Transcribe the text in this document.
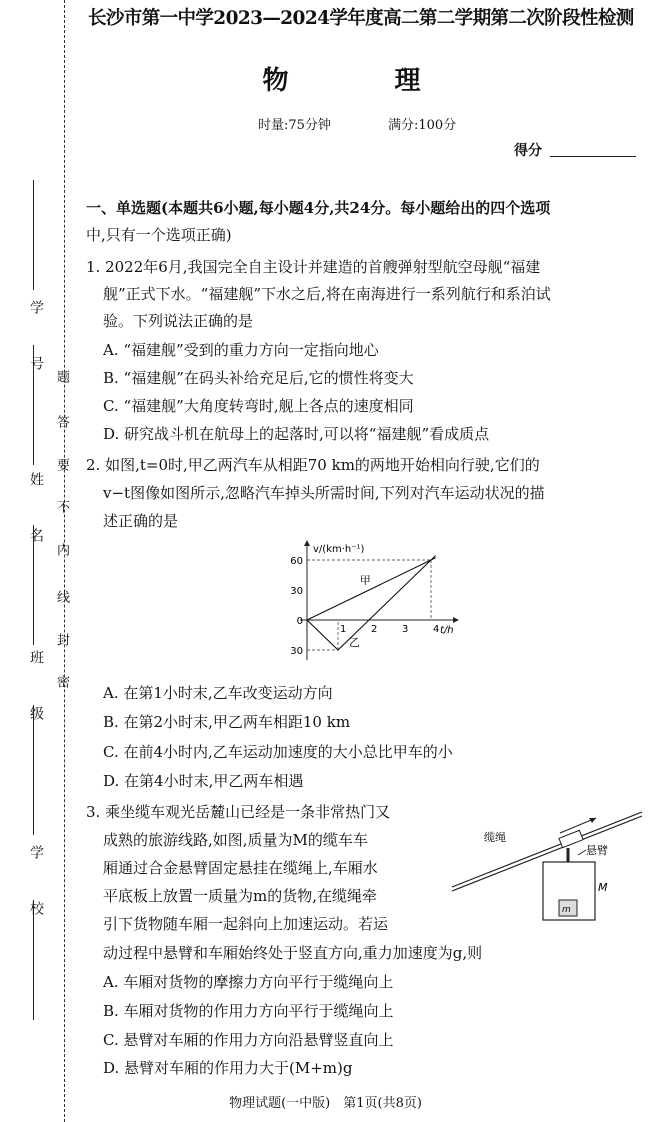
学　号
姓　名
班　级
学　校
题
答
要
不
内
线
封
密
长沙市第一中学2023—2024学年度高二第二学期第二次阶段性检测
物　理
时量:75分钟	满分:100分
得分
一、单选题(本题共6小题,每小题4分,共24分。每小题给出的四个选项
中,只有一个选项正确)
1. 2022年6月,我国完全自主设计并建造的首艘弹射型航空母舰“福建
舰”正式下水。“福建舰”下水之后,将在南海进行一系列航行和系泊试
验。下列说法正确的是
A. “福建舰”受到的重力方向一定指向地心
B. “福建舰”在码头补给充足后,它的惯性将变大
C. “福建舰”大角度转弯时,舰上各点的速度相同
D. 研究战斗机在航母上的起落时,可以将“福建舰”看成质点
2. 如图,t=0时,甲乙两汽车从相距70 km的两地开始相向行驶,它们的
v−t图像如图所示,忽略汽车掉头所需时间,下列对汽车运动状况的描
述正确的是
1 2 3 4
60
30
0
30
v/(km·h⁻¹)
t/h
甲
乙
A. 在第1小时末,乙车改变运动方向
B. 在第2小时末,甲乙两车相距10 km
C. 在前4小时内,乙车运动加速度的大小总比甲车的小
D. 在第4小时末,甲乙两车相遇
3. 乘坐缆车观光岳麓山已经是一条非常热门又
成熟的旅游线路,如图,质量为M的缆车车
厢通过合金悬臂固定悬挂在缆绳上,车厢水
平底板上放置一质量为m的货物,在缆绳牵
引下货物随车厢一起斜向上加速运动。若运
动过程中悬臂和车厢始终处于竖直方向,重力加速度为g,则
m
M
缆绳
悬臂
A. 车厢对货物的摩擦力方向平行于缆绳向上
B. 车厢对货物的作用力方向平行于缆绳向上
C. 悬臂对车厢的作用力方向沿悬臂竖直向上
D. 悬臂对车厢的作用力大于(M+m)g
物理试题(一中版)　第1页(共8页)
